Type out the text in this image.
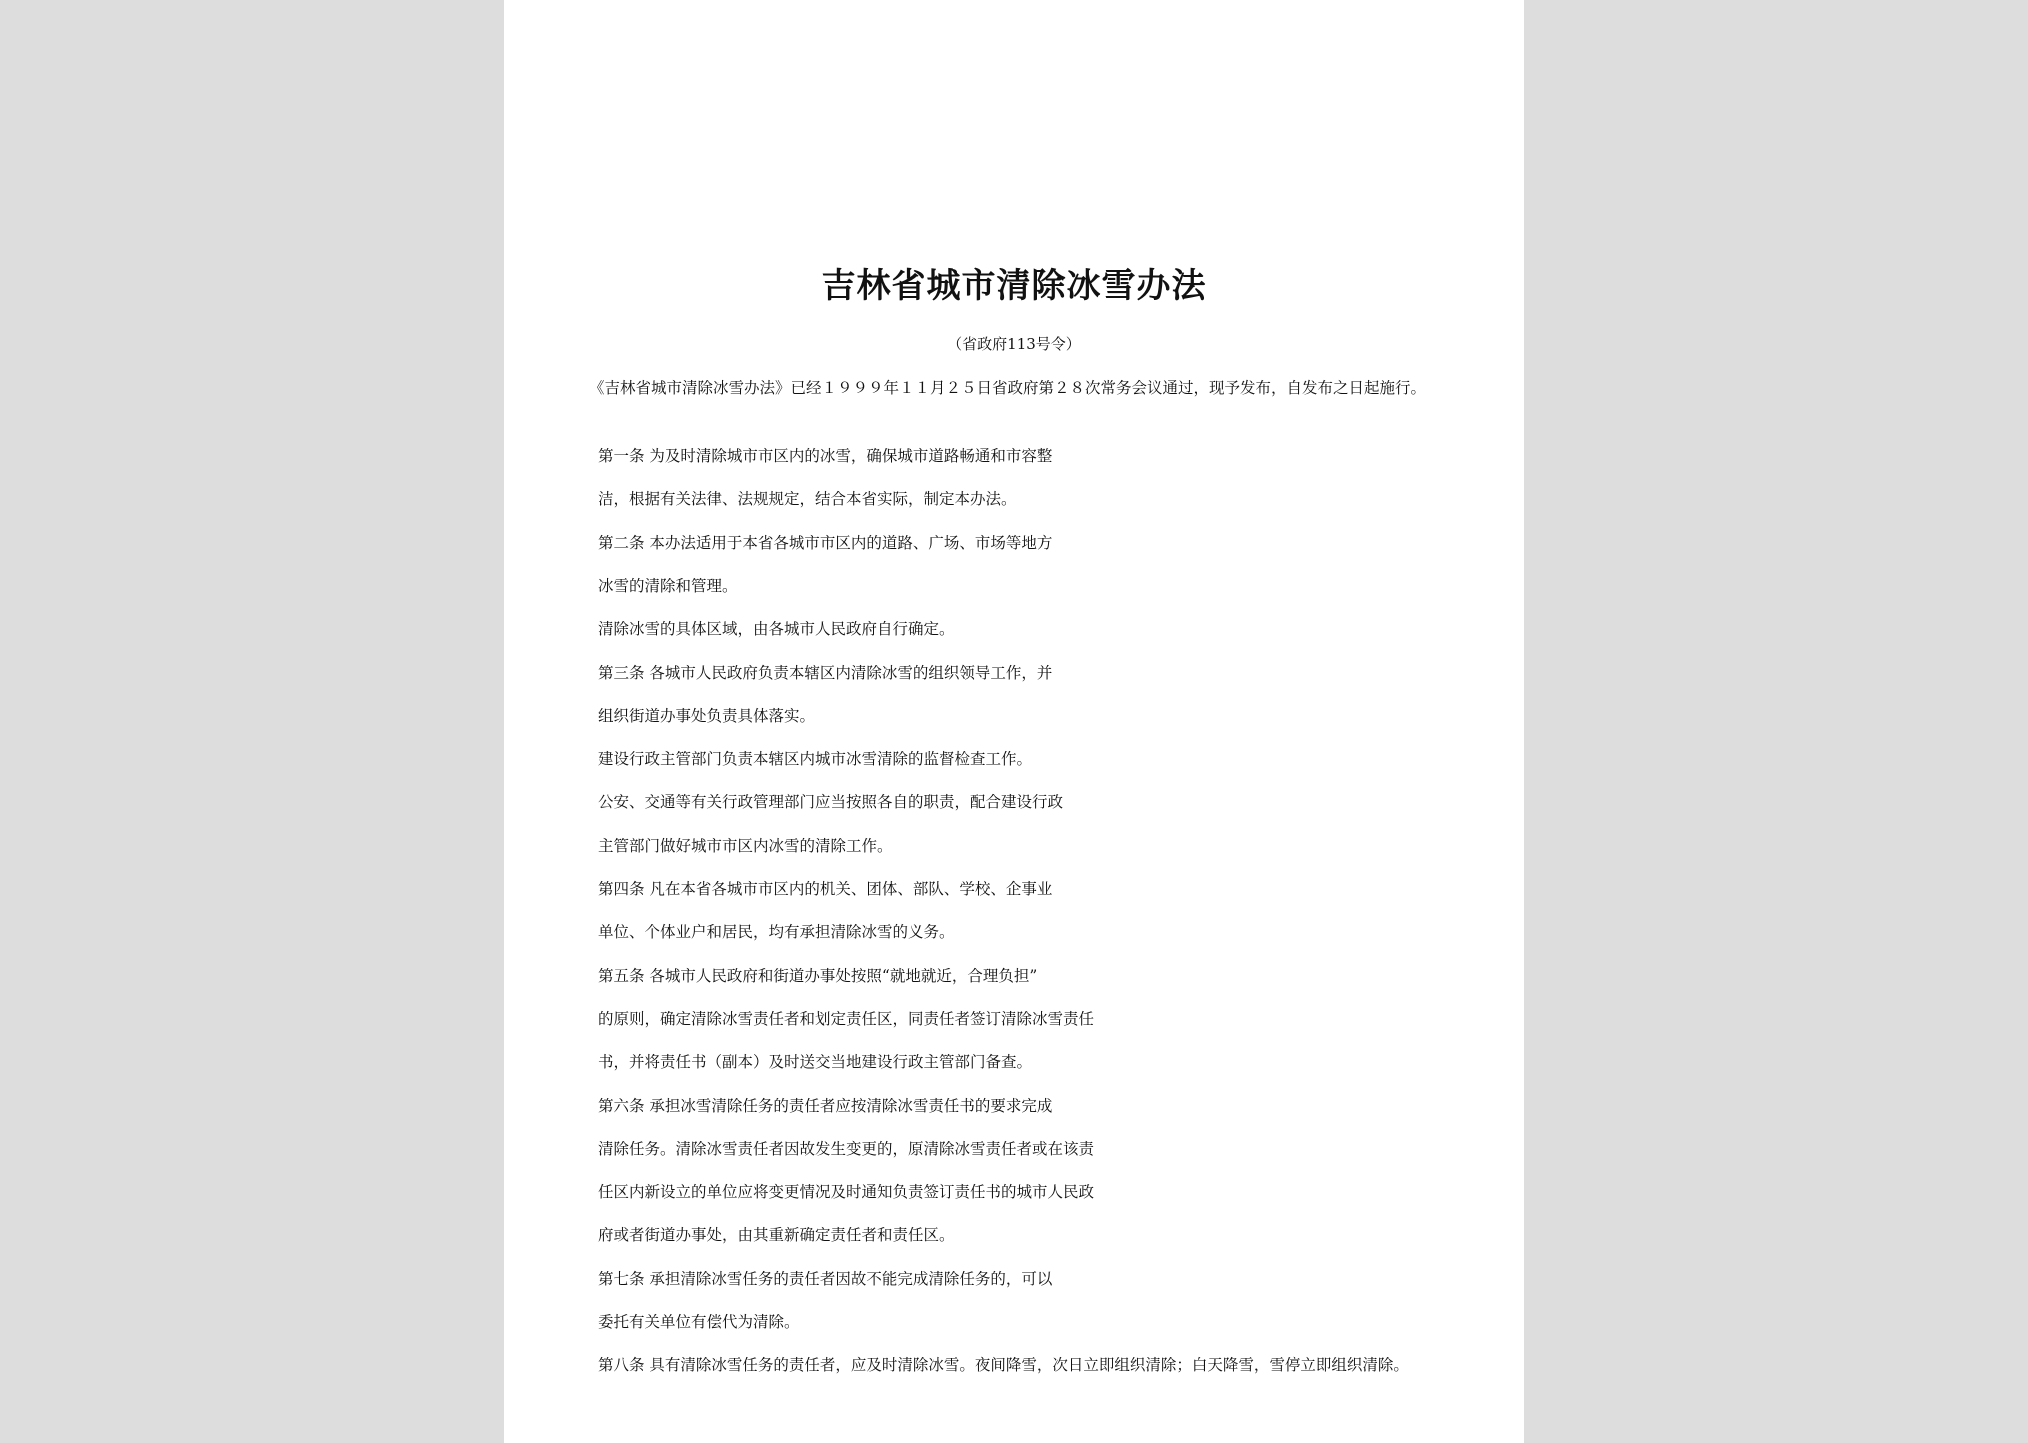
吉林省城市清除冰雪办法
（省政府113号令）

《吉林省城市清除冰雪办法》已经１９９９年１１月２５日省政府第２８次常务会议通过，现予发布，自发布之日起施行。

第一条 为及时清除城市市区内的冰雪，确保城市道路畅通和市容整
洁，根据有关法律、法规规定，结合本省实际，制定本办法。
第二条 本办法适用于本省各城市市区内的道路、广场、市场等地方
冰雪的清除和管理。
清除冰雪的具体区域，由各城市人民政府自行确定。
第三条 各城市人民政府负责本辖区内清除冰雪的组织领导工作，并
组织街道办事处负责具体落实。
建设行政主管部门负责本辖区内城市冰雪清除的监督检查工作。
公安、交通等有关行政管理部门应当按照各自的职责，配合建设行政
主管部门做好城市市区内冰雪的清除工作。
第四条 凡在本省各城市市区内的机关、团体、部队、学校、企事业
单位、个体业户和居民，均有承担清除冰雪的义务。
第五条 各城市人民政府和街道办事处按照“就地就近，合理负担”
的原则，确定清除冰雪责任者和划定责任区，同责任者签订清除冰雪责任
书，并将责任书（副本）及时送交当地建设行政主管部门备查。
第六条 承担冰雪清除任务的责任者应按清除冰雪责任书的要求完成
清除任务。清除冰雪责任者因故发生变更的，原清除冰雪责任者或在该责
任区内新设立的单位应将变更情况及时通知负责签订责任书的城市人民政
府或者街道办事处，由其重新确定责任者和责任区。
第七条 承担清除冰雪任务的责任者因故不能完成清除任务的，可以
委托有关单位有偿代为清除。
第八条 具有清除冰雪任务的责任者，应及时清除冰雪。夜间降雪，次日立即组织清除；白天降雪，雪停立即组织清除。
